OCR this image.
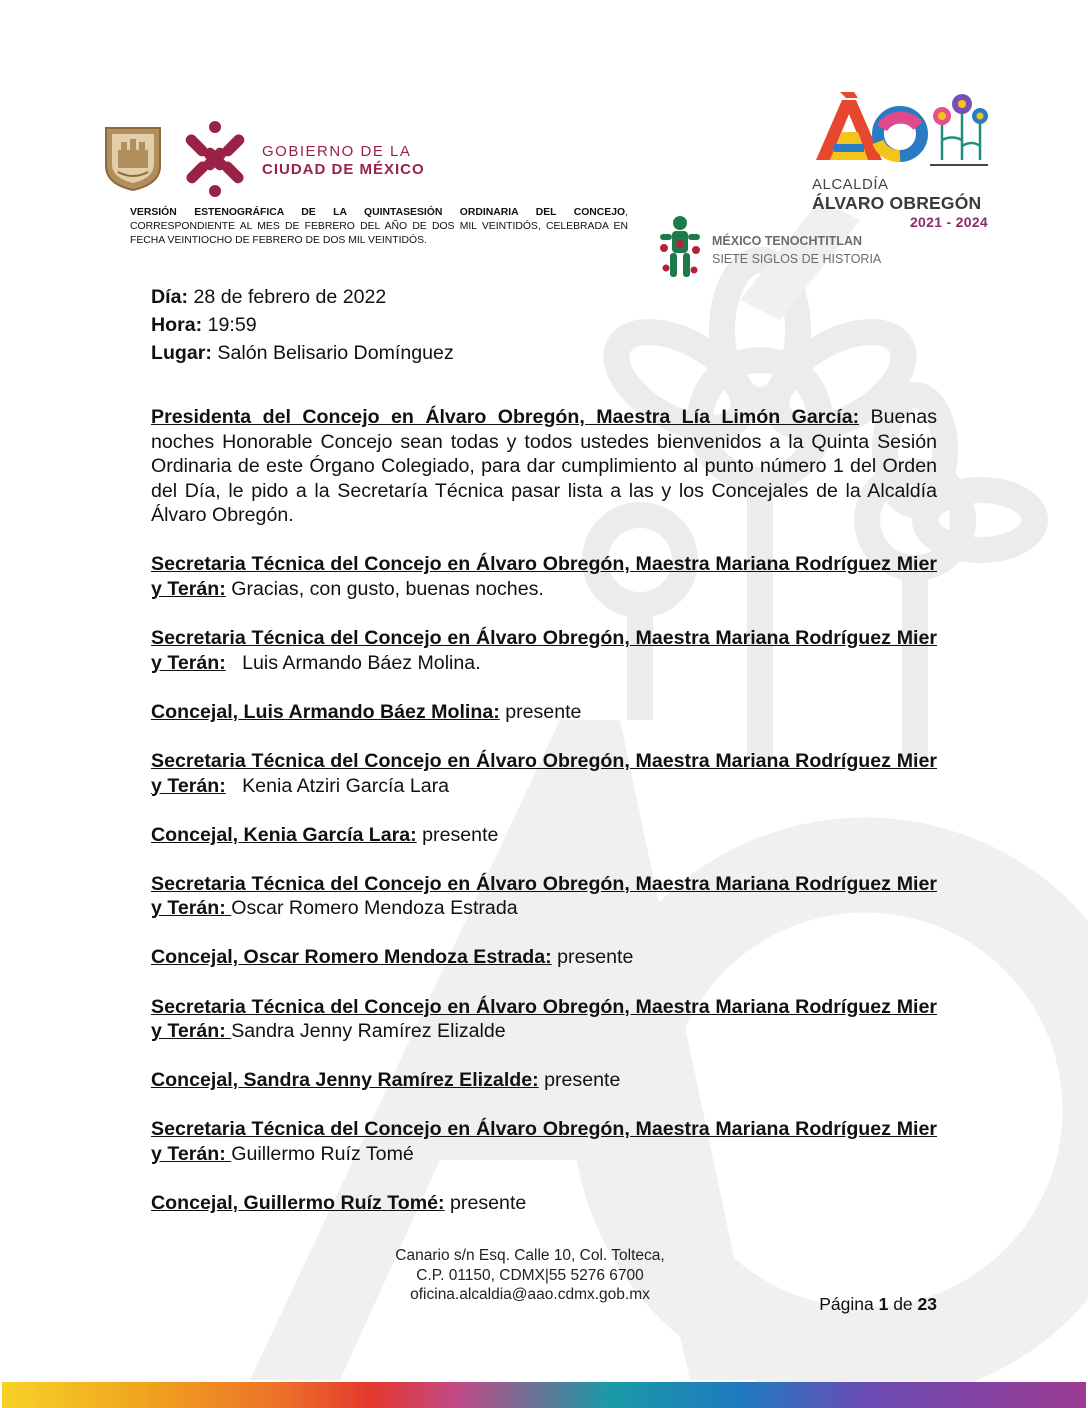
GOBIERNO DE LA
CIUDAD DE MÉXICO
VERSIÓN ESTENOGRÁFICA DE LA QUINTASESIÓN ORDINARIA DEL CONCEJO, CORRESPONDIENTE AL MES DE FEBRERO DEL AÑO DE DOS MIL VEINTIDÓS, CELEBRADA EN FECHA VEINTIOCHO DE FEBRERO DE DOS MIL VEINTIDÓS.
ALCALDÍA
ÁLVARO OBREGÓN
2021 - 2024
MÉXICO TENOCHTITLAN
SIETE SIGLOS DE HISTORIA

Día: 28 de febrero de 2022

Hora: 19:59

Lugar: Salón Belisario Domínguez

Presidenta del Concejo en Álvaro Obregón, Maestra Lía Limón García: Buenas noches Honorable Concejo sean todas y todos ustedes bienvenidos a la Quinta Sesión Ordinaria de este Órgano Colegiado, para dar cumplimiento al punto número 1 del Orden del Día, le pido a la Secretaría Técnica pasar lista a las y los Concejales de la Alcaldía Álvaro Obregón.

Secretaria Técnica del Concejo en Álvaro Obregón, Maestra Mariana Rodríguez Mier y Terán: Gracias, con gusto, buenas noches.

Secretaria Técnica del Concejo en Álvaro Obregón, Maestra Mariana Rodríguez Mier y Terán:   Luis Armando Báez Molina.

Concejal, Luis Armando Báez Molina: presente

Secretaria Técnica del Concejo en Álvaro Obregón, Maestra Mariana Rodríguez Mier y Terán:   Kenia Atziri García Lara

Concejal, Kenia García Lara: presente

Secretaria Técnica del Concejo en Álvaro Obregón, Maestra Mariana Rodríguez Mier y Terán: Oscar Romero Mendoza Estrada

Concejal, Oscar Romero Mendoza Estrada: presente

Secretaria Técnica del Concejo en Álvaro Obregón, Maestra Mariana Rodríguez Mier y Terán: Sandra Jenny Ramírez Elizalde

Concejal, Sandra Jenny Ramírez Elizalde: presente

Secretaria Técnica del Concejo en Álvaro Obregón, Maestra Mariana Rodríguez Mier y Terán: Guillermo Ruíz Tomé

Concejal, Guillermo Ruíz Tomé: presente

Canario s/n Esq. Calle 10, Col. Tolteca,
C.P. 01150, CDMX|55 5276 6700
oficina.alcaldia@aao.cdmx.gob.mx	Página 1 de 23
